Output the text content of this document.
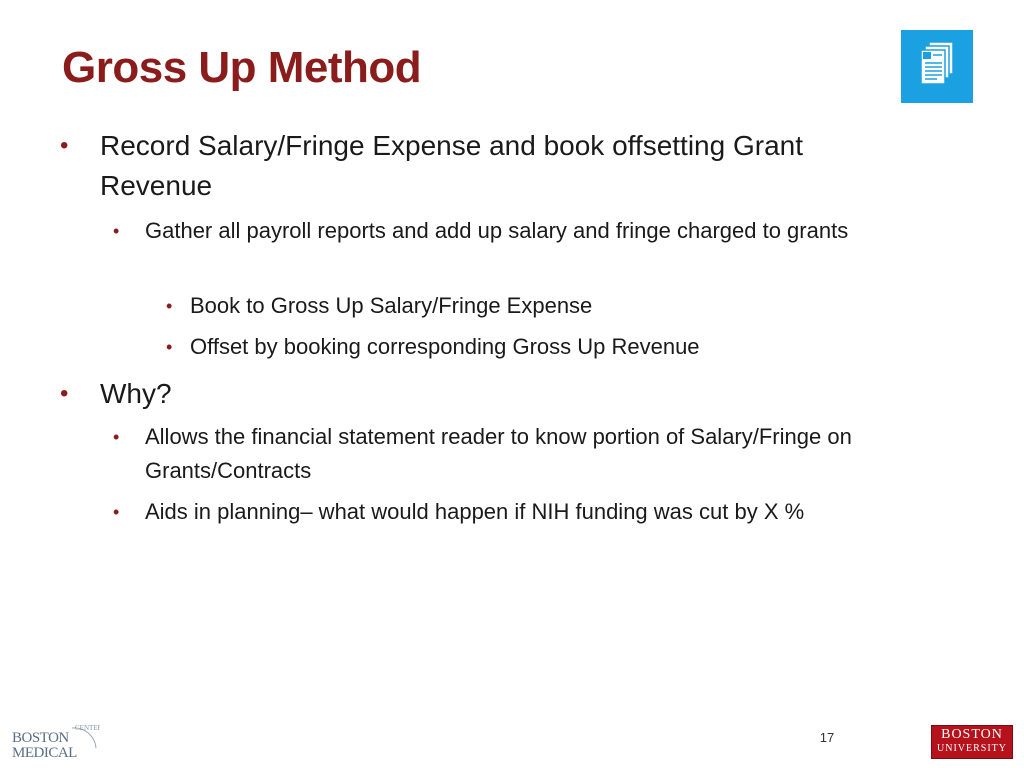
Gross Up Method

• Record Salary/Fringe Expense and book offsetting Grant Revenue

• Gather all payroll reports and add up salary and fringe charged to grants

• Book to Gross Up Salary/Fringe Expense

• Offset by booking corresponding Gross Up Revenue

• Why?

• Allows the financial statement reader to know portion of Salary/Fringe on Grants/Contracts

• Aids in planning– what would happen if NIH funding was cut by X %

CENTER
BOSTON
MEDICAL
17	BOSTON
UNIVERSITY
